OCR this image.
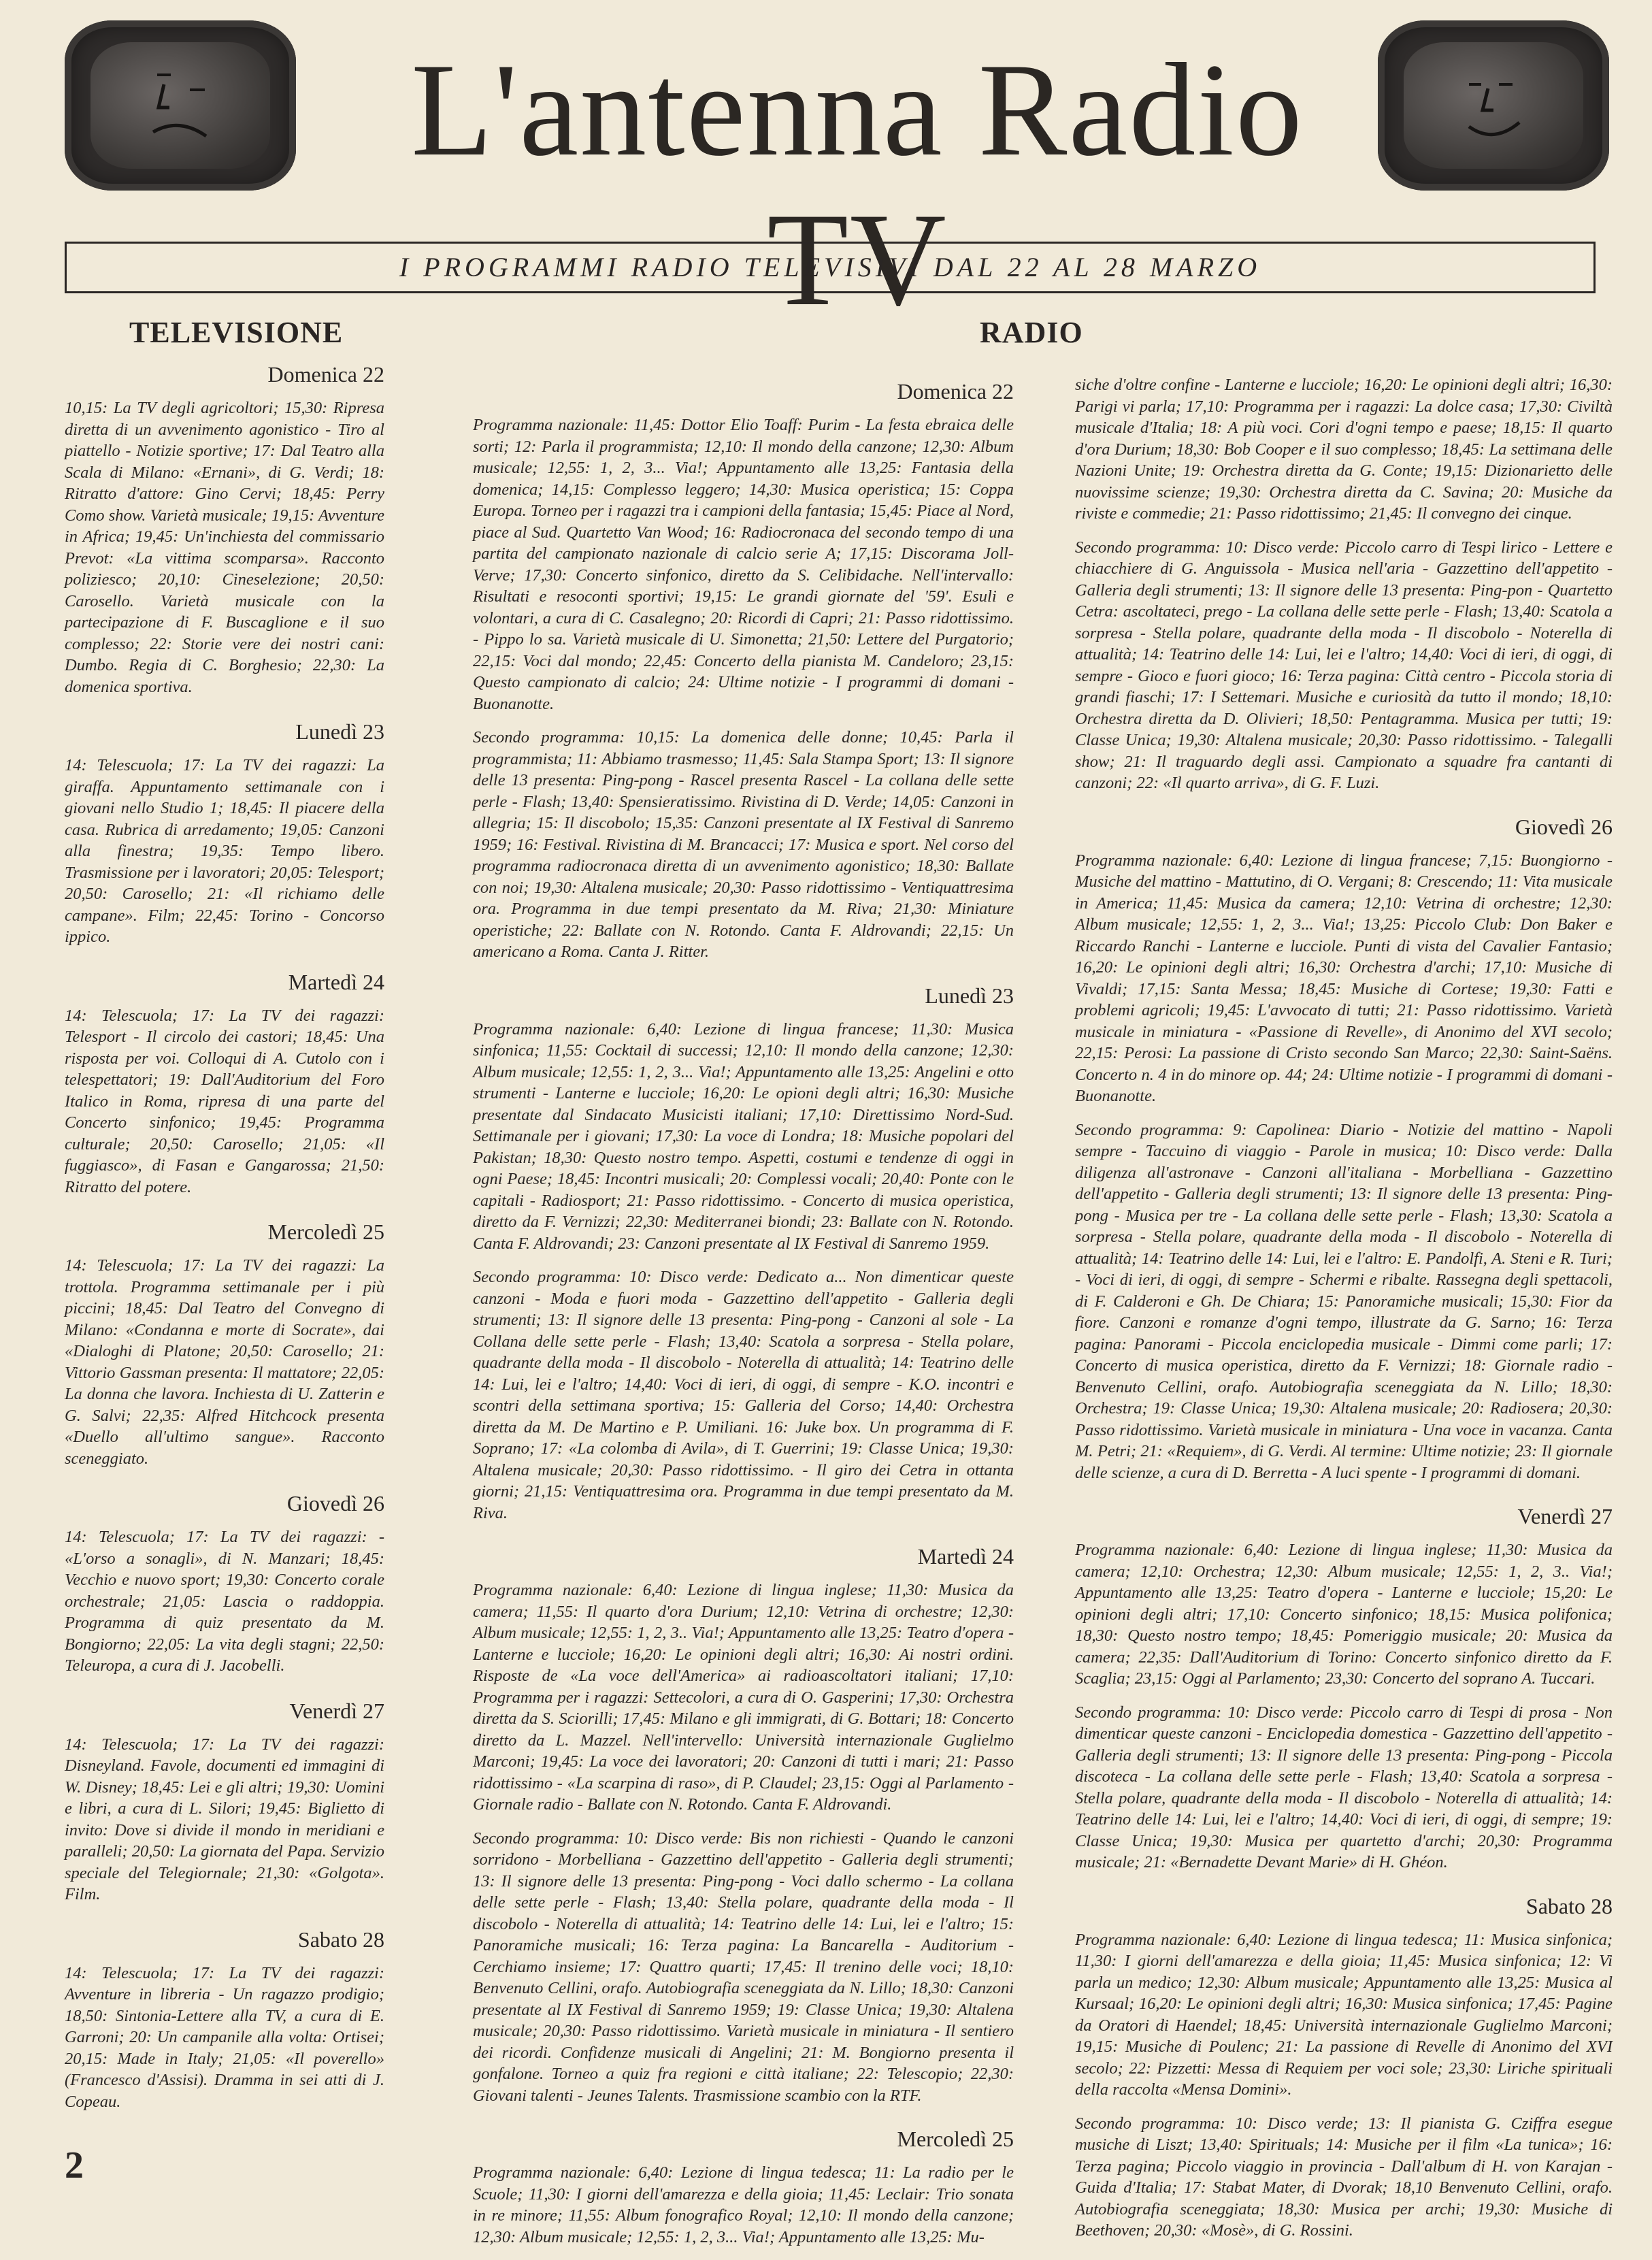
L'antenna Radio TV
I PROGRAMMI RADIO TELEVISIVI DAL 22 AL 28 MARZO
TELEVISIONE	RADIO
Domenica 22
10,15: La TV degli agricoltori; 15,30: Ripresa diretta di un avvenimento agonistico - Tiro al piattello - Notizie sportive; 17: Dal Teatro alla Scala di Milano: «Ernani», di G. Verdi; 18: Ritratto d'attore: Gino Cervi; 18,45: Perry Como show. Varietà musicale; 19,15: Avventure in Africa; 19,45: Un'inchiesta del commissario Prevot: «La vittima scomparsa». Racconto poliziesco; 20,10: Cineselezione; 20,50: Carosello. Varietà musicale con la partecipazione di F. Buscaglione e il suo complesso; 22: Storie vere dei nostri cani: Dumbo. Regia di C. Borghesio; 22,30: La domenica sportiva.
Lunedì 23
14: Telescuola; 17: La TV dei ragazzi: La giraffa. Appuntamento settimanale con i giovani nello Studio 1; 18,45: Il piacere della casa. Rubrica di arredamento; 19,05: Canzoni alla finestra; 19,35: Tempo libero. Trasmissione per i lavoratori; 20,05: Telesport; 20,50: Carosello; 21: «Il richiamo delle campane». Film; 22,45: Torino - Concorso ippico.
Martedì 24
14: Telescuola; 17: La TV dei ragazzi: Telesport - Il circolo dei castori; 18,45: Una risposta per voi. Colloqui di A. Cutolo con i telespettatori; 19: Dall'Auditorium del Foro Italico in Roma, ripresa di una parte del Concerto sinfonico; 19,45: Programma culturale; 20,50: Carosello; 21,05: «Il fuggiasco», di Fasan e Gangarossa; 21,50: Ritratto del potere.
Mercoledì 25
14: Telescuola; 17: La TV dei ragazzi: La trottola. Programma settimanale per i più piccini; 18,45: Dal Teatro del Convegno di Milano: «Condanna e morte di Socrate», dai «Dialoghi di Platone; 20,50: Carosello; 21: Vittorio Gassman presenta: Il mattatore; 22,05: La donna che lavora. Inchiesta di U. Zatterin e G. Salvi; 22,35: Alfred Hitchcock presenta «Duello all'ultimo sangue». Racconto sceneggiato.
Giovedì 26
14: Telescuola; 17: La TV dei ragazzi: - «L'orso a sonagli», di N. Manzari; 18,45: Vecchio e nuovo sport; 19,30: Concerto corale orchestrale; 21,05: Lascia o raddoppia. Programma di quiz presentato da M. Bongiorno; 22,05: La vita degli stagni; 22,50: Teleuropa, a cura di J. Jacobelli.
Venerdì 27
14: Telescuola; 17: La TV dei ragazzi: Disneyland. Favole, documenti ed immagini di W. Disney; 18,45: Lei e gli altri; 19,30: Uomini e libri, a cura di L. Silori; 19,45: Biglietto di invito: Dove si divide il mondo in meridiani e paralleli; 20,50: La giornata del Papa. Servizio speciale del Telegiornale; 21,30: «Golgota». Film.
Sabato 28
14: Telescuola; 17: La TV dei ragazzi: Avventure in libreria - Un ragazzo prodigio; 18,50: Sintonia-Lettere alla TV, a cura di E. Garroni; 20: Un campanile alla volta: Ortisei; 20,15: Made in Italy; 21,05: «Il poverello» (Francesco d'Assisi). Dramma in sei atti di J. Copeau.
Domenica 22
Programma nazionale: 11,45: Dottor Elio Toaff: Purim - La festa ebraica delle sorti; 12: Parla il programmista; 12,10: Il mondo della canzone; 12,30: Album musicale; 12,55: 1, 2, 3... Via!; Appuntamento alle 13,25: Fantasia della domenica; 14,15: Complesso leggero; 14,30: Musica operistica; 15: Coppa Europa. Torneo per i ragazzi tra i campioni della fantasia; 15,45: Piace al Nord, piace al Sud. Quartetto Van Wood; 16: Radiocronaca del secondo tempo di una partita del campionato nazionale di calcio serie A; 17,15: Discorama Joll-Verve; 17,30: Concerto sinfonico, diretto da S. Celibidache. Nell'intervallo: Risultati e resoconti sportivi; 19,15: Le grandi giornate del '59'. Esuli e volontari, a cura di C. Casalegno; 20: Ricordi di Capri; 21: Passo ridottissimo. - Pippo lo sa. Varietà musicale di U. Simonetta; 21,50: Lettere del Purgatorio; 22,15: Voci dal mondo; 22,45: Concerto della pianista M. Candeloro; 23,15: Questo campionato di calcio; 24: Ultime notizie - I programmi di domani - Buonanotte.
Secondo programma: 10,15: La domenica delle donne; 10,45: Parla il programmista; 11: Abbiamo trasmesso; 11,45: Sala Stampa Sport; 13: Il signore delle 13 presenta: Ping-pong - Rascel presenta Rascel - La collana delle sette perle - Flash; 13,40: Spensieratissimo. Rivistina di D. Verde; 14,05: Canzoni in allegria; 15: Il discobolo; 15,35: Canzoni presentate al IX Festival di Sanremo 1959; 16: Festival. Rivistina di M. Brancacci; 17: Musica e sport. Nel corso del programma radiocronaca diretta di un avvenimento agonistico; 18,30: Ballate con noi; 19,30: Altalena musicale; 20,30: Passo ridottissimo - Ventiquattresima ora. Programma in due tempi presentato da M. Riva; 21,30: Miniature operistiche; 22: Ballate con N. Rotondo. Canta F. Aldrovandi; 22,15: Un americano a Roma. Canta J. Ritter.
Lunedì 23
Programma nazionale: 6,40: Lezione di lingua francese; 11,30: Musica sinfonica; 11,55: Cocktail di successi; 12,10: Il mondo della canzone; 12,30: Album musicale; 12,55: 1, 2, 3... Via!; Appuntamento alle 13,25: Angelini e otto strumenti - Lanterne e lucciole; 16,20: Le opioni degli altri; 16,30: Musiche presentate dal Sindacato Musicisti italiani; 17,10: Direttissimo Nord-Sud. Settimanale per i giovani; 17,30: La voce di Londra; 18: Musiche popolari del Pakistan; 18,30: Questo nostro tempo. Aspetti, costumi e tendenze di oggi in ogni Paese; 18,45: Incontri musicali; 20: Complessi vocali; 20,40: Ponte con le capitali - Radiosport; 21: Passo ridottissimo. - Concerto di musica operistica, diretto da F. Vernizzi; 22,30: Mediterranei biondi; 23: Ballate con N. Rotondo. Canta F. Aldrovandi; 23: Canzoni presentate al IX Festival di Sanremo 1959.
Secondo programma: 10: Disco verde: Dedicato a... Non dimenticar queste canzoni - Moda e fuori moda - Gazzettino dell'appetito - Galleria degli strumenti; 13: Il signore delle 13 presenta: Ping-pong - Canzoni al sole - La Collana delle sette perle - Flash; 13,40: Scatola a sorpresa - Stella polare, quadrante della moda - Il discobolo - Noterella di attualità; 14: Teatrino delle 14: Lui, lei e l'altro; 14,40: Voci di ieri, di oggi, di sempre - K.O. incontri e scontri della settimana sportiva; 15: Galleria del Corso; 14,40: Orchestra diretta da M. De Martino e P. Umiliani. 16: Juke box. Un programma di F. Soprano; 17: «La colomba di Avila», di T. Guerrini; 19: Classe Unica; 19,30: Altalena musicale; 20,30: Passo ridottissimo. - Il giro dei Cetra in ottanta giorni; 21,15: Ventiquattresima ora. Programma in due tempi presentato da M. Riva.
Martedì 24
Programma nazionale: 6,40: Lezione di lingua inglese; 11,30: Musica da camera; 11,55: Il quarto d'ora Durium; 12,10: Vetrina di orchestre; 12,30: Album musicale; 12,55: 1, 2, 3.. Via!; Appuntamento alle 13,25: Teatro d'opera - Lanterne e lucciole; 16,20: Le opinioni degli altri; 16,30: Ai nostri ordini. Risposte de «La voce dell'America» ai radioascoltatori italiani; 17,10: Programma per i ragazzi: Settecolori, a cura di O. Gasperini; 17,30: Orchestra diretta da S. Sciorilli; 17,45: Milano e gli immigrati, di G. Bottari; 18: Concerto diretto da L. Mazzel. Nell'intervello: Università internazionale Guglielmo Marconi; 19,45: La voce dei lavoratori; 20: Canzoni di tutti i mari; 21: Passo ridottissimo - «La scarpina di raso», di P. Claudel; 23,15: Oggi al Parlamento - Giornale radio - Ballate con N. Rotondo. Canta F. Aldrovandi.
Secondo programma: 10: Disco verde: Bis non richiesti - Quando le canzoni sorridono - Morbelliana - Gazzettino dell'appetito - Galleria degli strumenti; 13: Il signore delle 13 presenta: Ping-pong - Voci dallo schermo - La collana delle sette perle - Flash; 13,40: Stella polare, quadrante della moda - Il discobolo - Noterella di attualità; 14: Teatrino delle 14: Lui, lei e l'altro; 15: Panoramiche musicali; 16: Terza pagina: La Bancarella - Auditorium - Cerchiamo insieme; 17: Quattro quarti; 17,45: Il trenino delle voci; 18,10: Benvenuto Cellini, orafo. Autobiografia sceneggiata da N. Lillo; 18,30: Canzoni presentate al IX Festival di Sanremo 1959; 19: Classe Unica; 19,30: Altalena musicale; 20,30: Passo ridottissimo. Varietà musicale in miniatura - Il sentiero dei ricordi. Confidenze musicali di Angelini; 21: M. Bongiorno presenta il gonfalone. Torneo a quiz fra regioni e città italiane; 22: Telescopio; 22,30: Giovani talenti - Jeunes Talents. Trasmissione scambio con la RTF.
Mercoledì 25
Programma nazionale: 6,40: Lezione di lingua tedesca; 11: La radio per le Scuole; 11,30: I giorni dell'amarezza e della gioia; 11,45: Leclair: Trio sonata in re minore; 11,55: Album fonografico Royal; 12,10: Il mondo della canzone; 12,30: Album musicale; 12,55: 1, 2, 3... Via!; Appuntamento alle 13,25: Mu-
siche d'oltre confine - Lanterne e lucciole; 16,20: Le opinioni degli altri; 16,30: Parigi vi parla; 17,10: Programma per i ragazzi: La dolce casa; 17,30: Civiltà musicale d'Italia; 18: A più voci. Cori d'ogni tempo e paese; 18,15: Il quarto d'ora Durium; 18,30: Bob Cooper e il suo complesso; 18,45: La settimana delle Nazioni Unite; 19: Orchestra diretta da G. Conte; 19,15: Dizionarietto delle nuovissime scienze; 19,30: Orchestra diretta da C. Savina; 20: Musiche da riviste e commedie; 21: Passo ridottissimo; 21,45: Il convegno dei cinque.
Secondo programma: 10: Disco verde: Piccolo carro di Tespi lirico - Lettere e chiacchiere di G. Anguissola - Musica nell'aria - Gazzettino dell'appetito - Galleria degli strumenti; 13: Il signore delle 13 presenta: Ping-pon - Quartetto Cetra: ascoltateci, prego - La collana delle sette perle - Flash; 13,40: Scatola a sorpresa - Stella polare, quadrante della moda - Il discobolo - Noterella di attualità; 14: Teatrino delle 14: Lui, lei e l'altro; 14,40: Voci di ieri, di oggi, di sempre - Gioco e fuori gioco; 16: Terza pagina: Città centro - Piccola storia di grandi fiaschi; 17: I Settemari. Musiche e curiosità da tutto il mondo; 18,10: Orchestra diretta da D. Olivieri; 18,50: Pentagramma. Musica per tutti; 19: Classe Unica; 19,30: Altalena musicale; 20,30: Passo ridottissimo. - Talegalli show; 21: Il traguardo degli assi. Campionato a squadre fra cantanti di canzoni; 22: «Il quarto arriva», di G. F. Luzi.
Giovedì 26
Programma nazionale: 6,40: Lezione di lingua francese; 7,15: Buongiorno - Musiche del mattino - Mattutino, di O. Vergani; 8: Crescendo; 11: Vita musicale in America; 11,45: Musica da camera; 12,10: Vetrina di orchestre; 12,30: Album musicale; 12,55: 1, 2, 3... Via!; 13,25: Piccolo Club: Don Baker e Riccardo Ranchi - Lanterne e lucciole. Punti di vista del Cavalier Fantasio; 16,20: Le opinioni degli altri; 16,30: Orchestra d'archi; 17,10: Musiche di Vivaldi; 17,15: Santa Messa; 18,45: Musiche di Cortese; 19,30: Fatti e problemi agricoli; 19,45: L'avvocato di tutti; 21: Passo ridottissimo. Varietà musicale in miniatura - «Passione di Revelle», di Anonimo del XVI secolo; 22,15: Perosi: La passione di Cristo secondo San Marco; 22,30: Saint-Saëns. Concerto n. 4 in do minore op. 44; 24: Ultime notizie - I programmi di domani - Buonanotte.
Secondo programma: 9: Capolinea: Diario - Notizie del mattino - Napoli sempre - Taccuino di viaggio - Parole in musica; 10: Disco verde: Dalla diligenza all'astronave - Canzoni all'italiana - Morbelliana - Gazzettino dell'appetito - Galleria degli strumenti; 13: Il signore delle 13 presenta: Ping-pong - Musica per tre - La collana delle sette perle - Flash; 13,30: Scatola a sorpresa - Stella polare, quadrante della moda - Il discobolo - Noterella di attualità; 14: Teatrino delle 14: Lui, lei e l'altro: E. Pandolfi, A. Steni e R. Turi; - Voci di ieri, di oggi, di sempre - Schermi e ribalte. Rassegna degli spettacoli, di F. Calderoni e Gh. De Chiara; 15: Panoramiche musicali; 15,30: Fior da fiore. Canzoni e romanze d'ogni tempo, illustrate da G. Sarno; 16: Terza pagina: Panorami - Piccola enciclopedia musicale - Dimmi come parli; 17: Concerto di musica operistica, diretto da F. Vernizzi; 18: Giornale radio - Benvenuto Cellini, orafo. Autobiografia sceneggiata da N. Lillo; 18,30: Orchestra; 19: Classe Unica; 19,30: Altalena musicale; 20: Radiosera; 20,30: Passo ridottissimo. Varietà musicale in miniatura - Una voce in vacanza. Canta M. Petri; 21: «Requiem», di G. Verdi. Al termine: Ultime notizie; 23: Il giornale delle scienze, a cura di D. Berretta - A luci spente - I programmi di domani.
Venerdì 27
Programma nazionale: 6,40: Lezione di lingua inglese; 11,30: Musica da camera; 12,10: Orchestra; 12,30: Album musicale; 12,55: 1, 2, 3.. Via!; Appuntamento alle 13,25: Teatro d'opera - Lanterne e lucciole; 15,20: Le opinioni degli altri; 17,10: Concerto sinfonico; 18,15: Musica polifonica; 18,30: Questo nostro tempo; 18,45: Pomeriggio musicale; 20: Musica da camera; 22,35: Dall'Auditorium di Torino: Concerto sinfonico diretto da F. Scaglia; 23,15: Oggi al Parlamento; 23,30: Concerto del soprano A. Tuccari.
Secondo programma: 10: Disco verde: Piccolo carro di Tespi di prosa - Non dimenticar queste canzoni - Enciclopedia domestica - Gazzettino dell'appetito - Galleria degli strumenti; 13: Il signore delle 13 presenta: Ping-pong - Piccola discoteca - La collana delle sette perle - Flash; 13,40: Scatola a sorpresa - Stella polare, quadrante della moda - Il discobolo - Noterella di attualità; 14: Teatrino delle 14: Lui, lei e l'altro; 14,40: Voci di ieri, di oggi, di sempre; 19: Classe Unica; 19,30: Musica per quartetto d'archi; 20,30: Programma musicale; 21: «Bernadette Devant Marie» di H. Ghéon.
Sabato 28
Programma nazionale: 6,40: Lezione di lingua tedesca; 11: Musica sinfonica; 11,30: I giorni dell'amarezza e della gioia; 11,45: Musica sinfonica; 12: Vi parla un medico; 12,30: Album musicale; Appuntamento alle 13,25: Musica al Kursaal; 16,20: Le opinioni degli altri; 16,30: Musica sinfonica; 17,45: Pagine da Oratori di Haendel; 18,45: Università internazionale Guglielmo Marconi; 19,15: Musiche di Poulenc; 21: La passione di Revelle di Anonimo del XVI secolo; 22: Pizzetti: Messa di Requiem per voci sole; 23,30: Liriche spirituali della raccolta «Mensa Domini».
Secondo programma: 10: Disco verde; 13: Il pianista G. Cziffra esegue musiche di Liszt; 13,40: Spirituals; 14: Musiche per il film «La tunica»; 16: Terza pagina; Piccolo viaggio in provincia - Dall'album di H. von Karajan - Guida d'Italia; 17: Stabat Mater, di Dvorak; 18,10 Benvenuto Cellini, orafo. Autobiografia sceneggiata; 18,30: Musica per archi; 19,30: Musiche di Beethoven; 20,30: «Mosè», di G. Rossini.
2
